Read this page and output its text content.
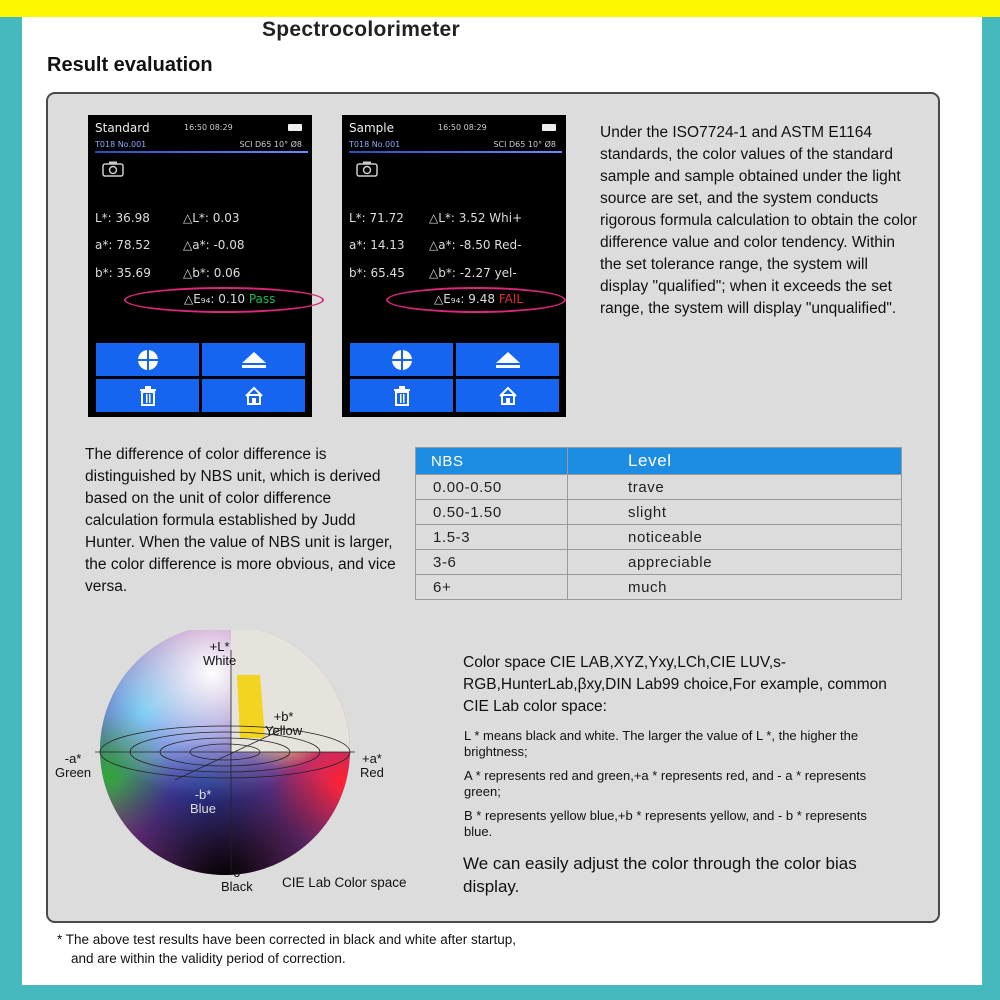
Spectrocolorimeter
Result evaluation
Standard	16:50 08:29
T018 No.001	SCI D65 10° Ø8
L*: 36.98	△L*: 0.03
a*: 78.52	△a*: -0.08
b*: 35.69	△b*: 0.06
△E₉₄: 0.10 Pass
Sample	16:50 08:29
T018 No.001	SCI D65 10° Ø8
L*: 71.72 △L*: 3.52 Whi+
a*: 14.13 △a*: -8.50 Red-
b*: 65.45 △b*: -2.27 yel-
△E₉₄: 9.48 FAIL
Under the ISO7724-1 and ASTM E1164 standards, the color values of the standard sample and sample obtained under the light source are set, and the system conducts rigorous formula calculation to obtain the color difference value and color tendency. Within the set tolerance range, the system will display "qualified"; when it exceeds the set range, the system will display "unqualified".
The difference of color difference is distinguished by NBS unit, which is derived based on the unit of color difference calculation formula established by Judd Hunter. When the value of NBS unit is larger, the color difference is more obvious, and vice versa.
NBS	Level
0.00-0.50	trave
0.50-1.50	slight
1.5-3	noticeable
3-6	appreciable
6+	much
+L*
White
+b*
Yellow
-a*
Green
+a*
Red
-b*
Blue
0
Black CIE Lab Color space
Color space CIE LAB,XYZ,Yxy,LCh,CIE LUV,s-RGB,HunterLab,βxy,DIN Lab99 choice,For example, common CIE Lab color space:
L * means black and white. The larger the value of L *, the higher the brightness;
A * represents red and green,+a * represents red, and - a * represents green;
B * represents yellow blue,+b * represents yellow, and - b * represents blue.
We can easily adjust the color through the color bias display.
* The above test results have been corrected in black and white after startup,
and are within the validity period of correction.
